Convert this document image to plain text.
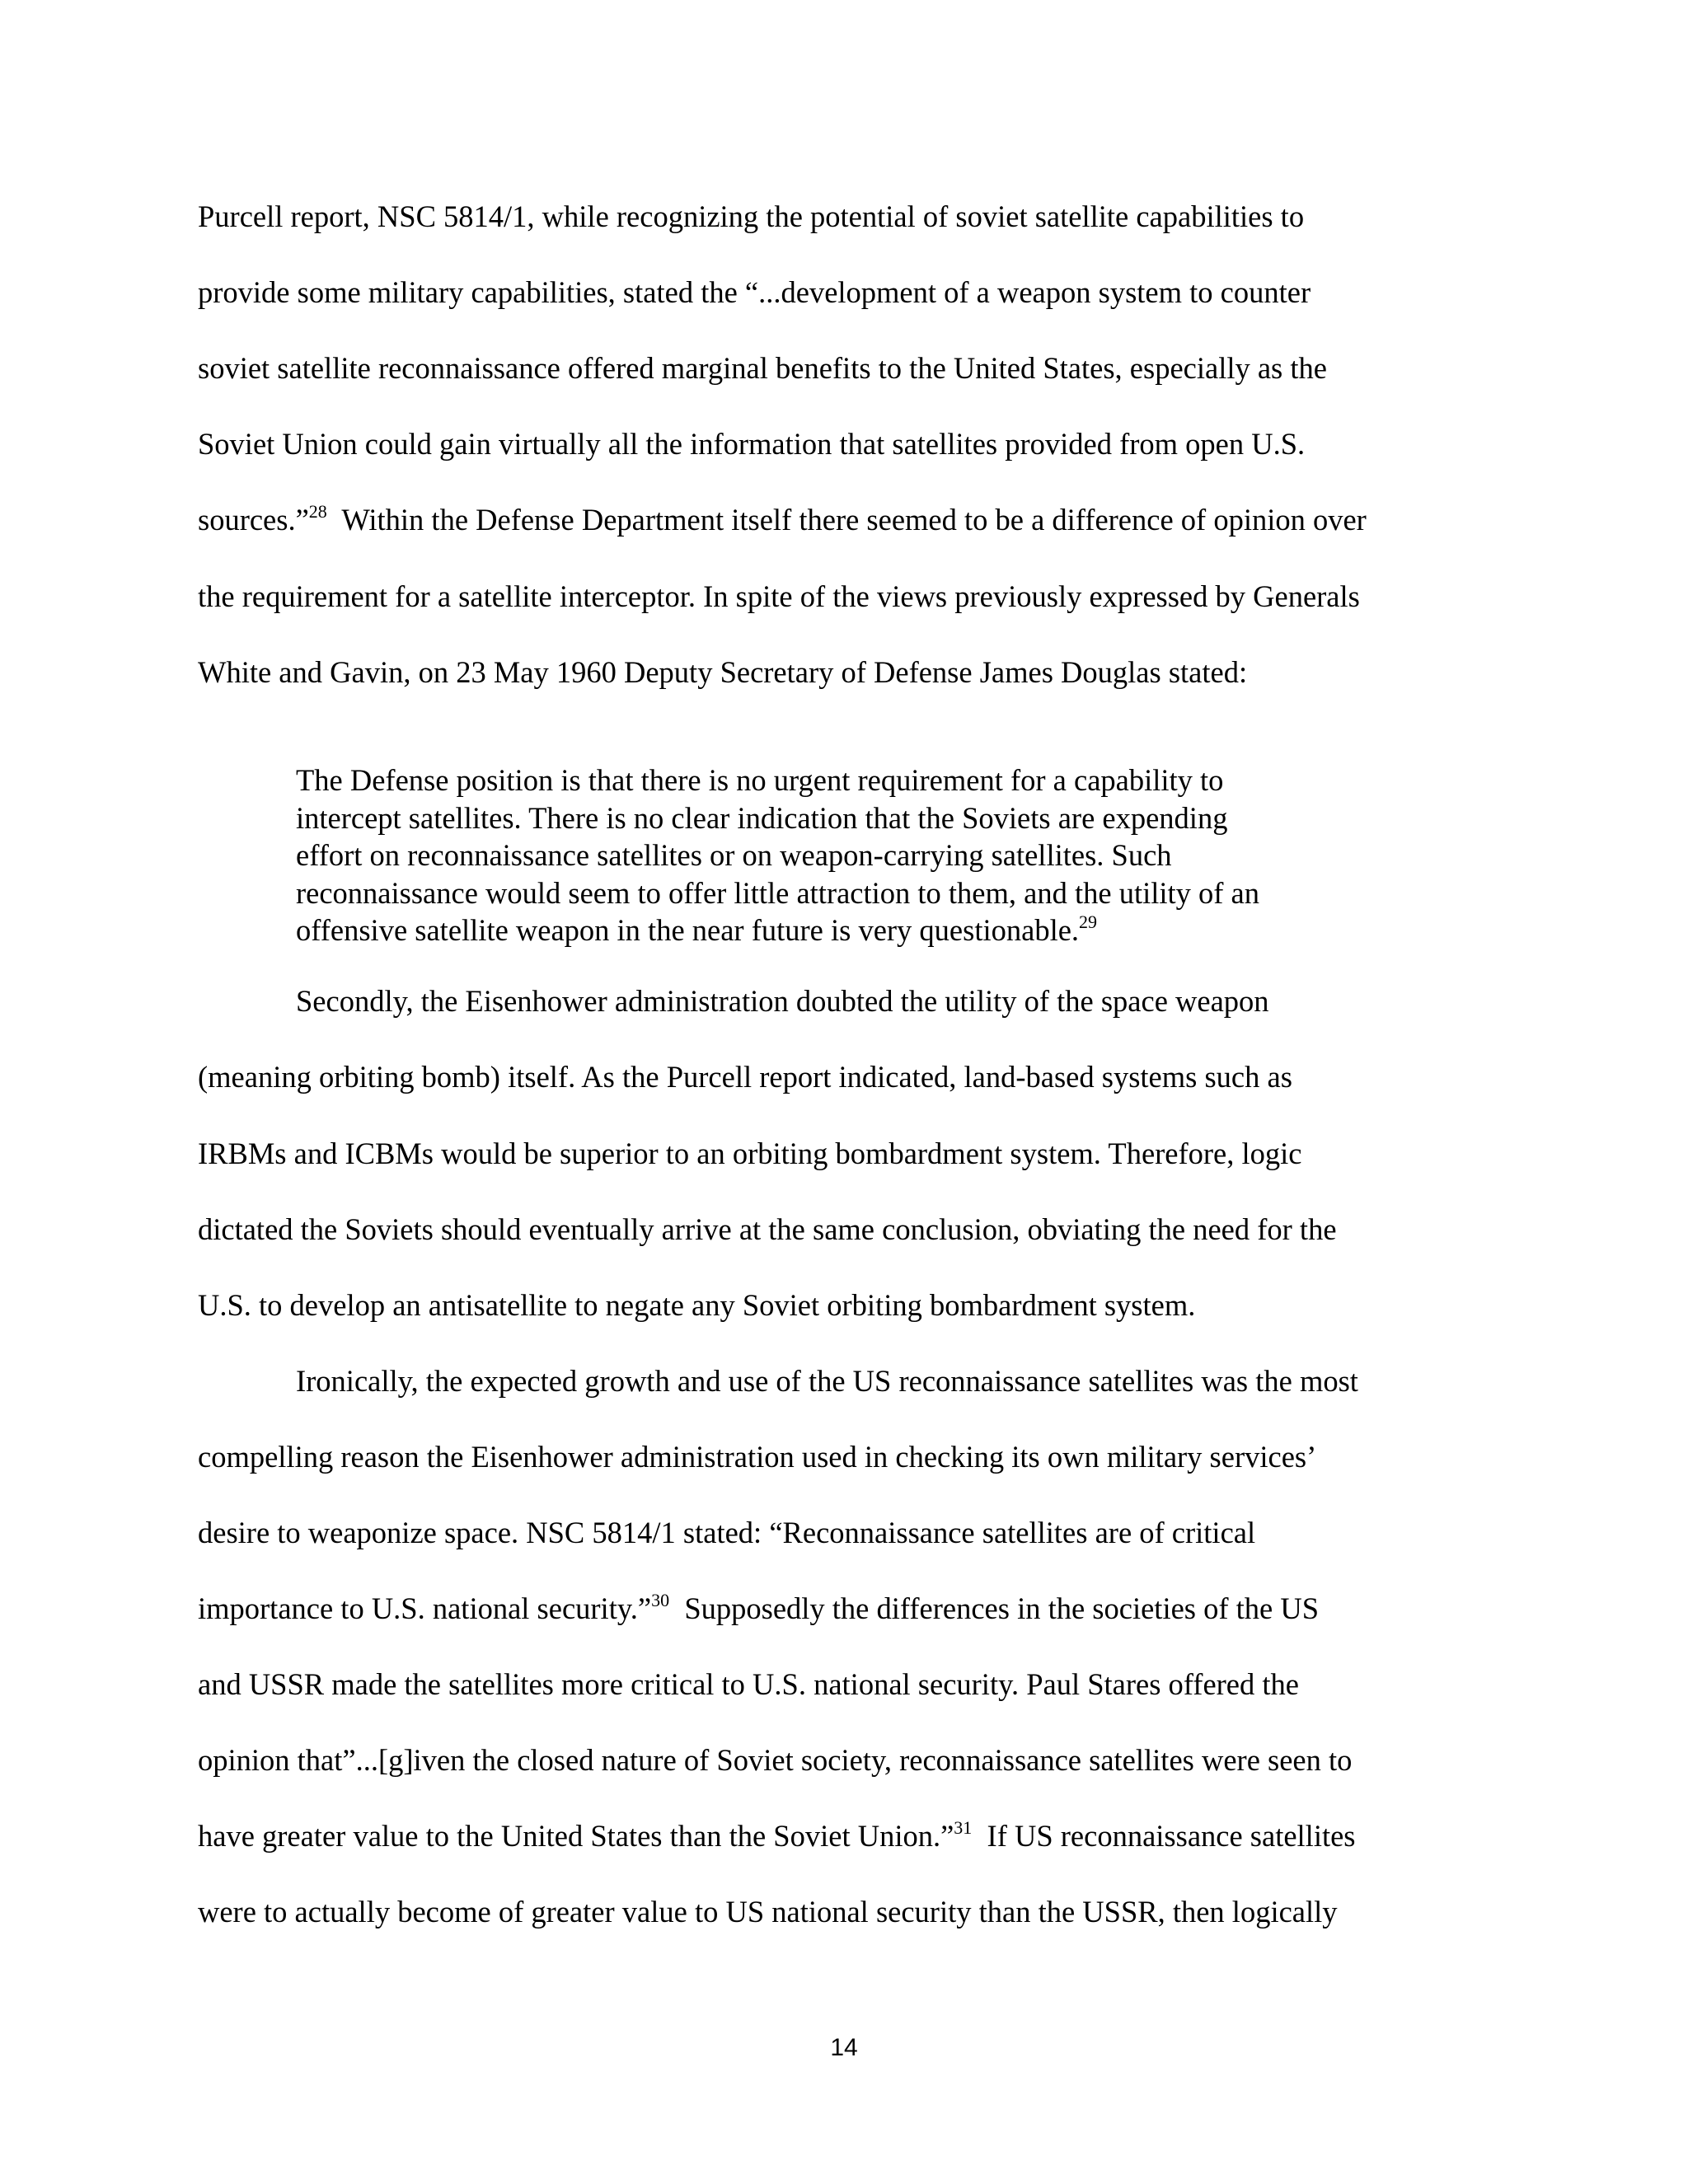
Purcell report, NSC 5814/1, while recognizing the potential of soviet satellite capabilities to
provide some military capabilities, stated the “...development of a weapon system to counter
soviet satellite reconnaissance offered marginal benefits to the United States, especially as the
Soviet Union could gain virtually all the information that satellites provided from open U.S.
sources.”$^{28}$  Within the Defense Department itself there seemed to be a difference of opinion over
the requirement for a satellite interceptor. In spite of the views previously expressed by Generals
White and Gavin, on 23 May 1960 Deputy Secretary of Defense James Douglas stated:
The Defense position is that there is no urgent requirement for a capability to
intercept satellites. There is no clear indication that the Soviets are expending
effort on reconnaissance satellites or on weapon-carrying satellites. Such
reconnaissance would seem to offer little attraction to them, and the utility of an
offensive satellite weapon in the near future is very questionable.$^{29}$
Secondly, the Eisenhower administration doubted the utility of the space weapon
(meaning orbiting bomb) itself. As the Purcell report indicated, land-based systems such as
IRBMs and ICBMs would be superior to an orbiting bombardment system. Therefore, logic
dictated the Soviets should eventually arrive at the same conclusion, obviating the need for the
U.S. to develop an antisatellite to negate any Soviet orbiting bombardment system.
Ironically, the expected growth and use of the US reconnaissance satellites was the most
compelling reason the Eisenhower administration used in checking its own military services’
desire to weaponize space. NSC 5814/1 stated: “Reconnaissance satellites are of critical
importance to U.S. national security.”$^{30}$  Supposedly the differences in the societies of the US
and USSR made the satellites more critical to U.S. national security. Paul Stares offered the
opinion that”...[g]iven the closed nature of Soviet society, reconnaissance satellites were seen to
have greater value to the United States than the Soviet Union.”$^{31}$  If US reconnaissance satellites
were to actually become of greater value to US national security than the USSR, then logically
14
